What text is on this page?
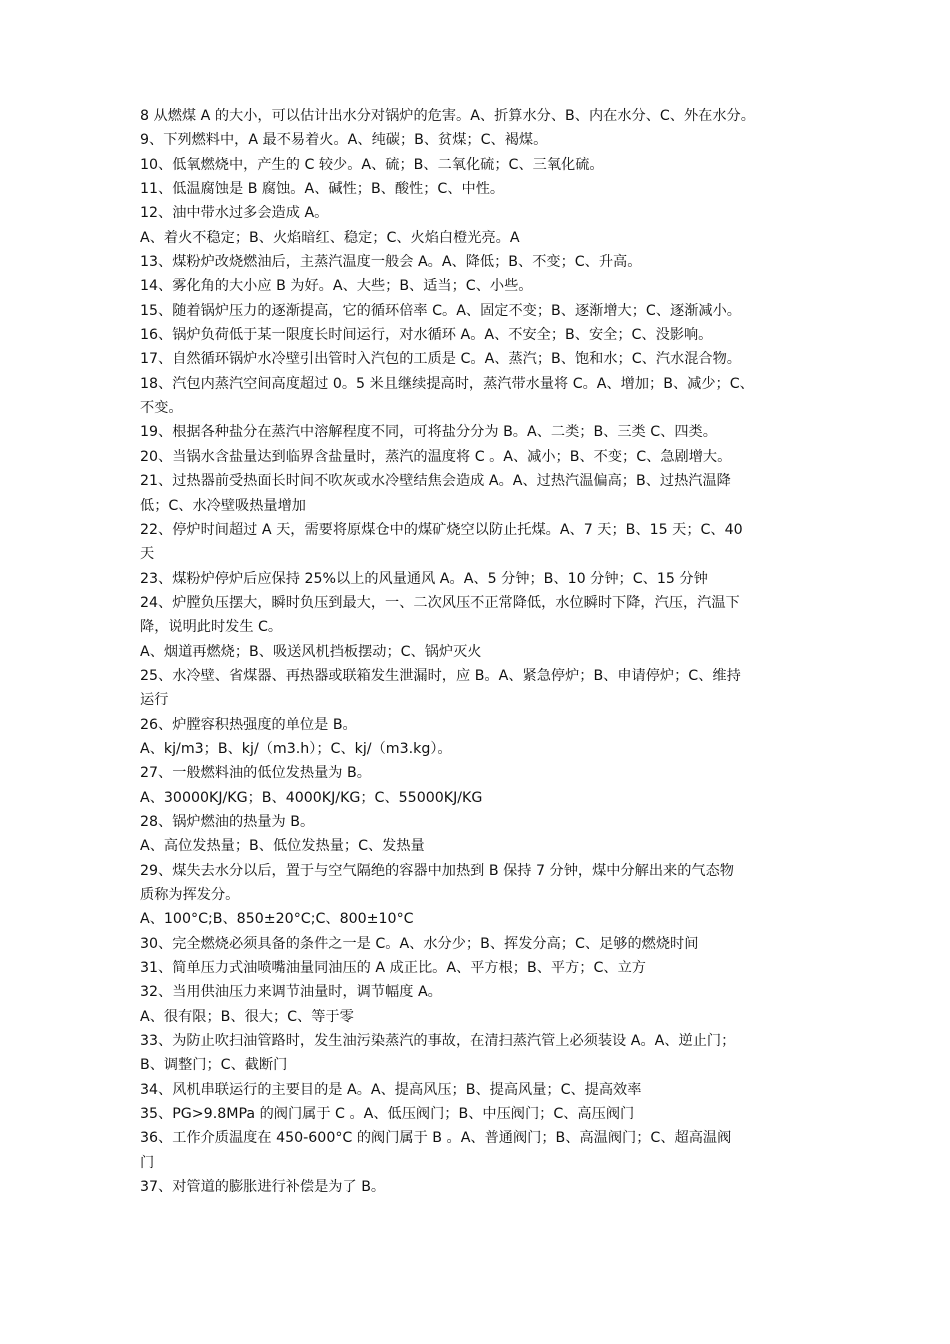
8 从燃煤 A 的大小，可以估计出水分对锅炉的危害。A、折算水分、B、内在水分、C、外在水分。
9、下列燃料中，A 最不易着火。A、纯碳；B、贫煤；C、褐煤。
10、低氧燃烧中，产生的 C 较少。A、硫；B、二氧化硫；C、三氧化硫。
11、低温腐蚀是 B 腐蚀。A、碱性；B、酸性；C、中性。
12、油中带水过多会造成 A。
A、着火不稳定；B、火焰暗红、稳定；C、火焰白橙光亮。A
13、煤粉炉改烧燃油后，主蒸汽温度一般会 A。A、降低；B、不变；C、升高。
14、雾化角的大小应 B 为好。A、大些；B、适当；C、小些。
15、随着锅炉压力的逐渐提高，它的循环倍率 C。A、固定不变；B、逐渐增大；C、逐渐减小。
16、锅炉负荷低于某一限度长时间运行，对水循环 A。A、不安全；B、安全；C、没影响。
17、自然循环锅炉水冷壁引出管时入汽包的工质是 C。A、蒸汽；B、饱和水；C、汽水混合物。
18、汽包内蒸汽空间高度超过 0。5 米且继续提高时，蒸汽带水量将 C。A、增加；B、减少；C、
不变。
19、根据各种盐分在蒸汽中溶解程度不同，可将盐分分为 B。A、二类；B、三类 C、四类。
20、当锅水含盐量达到临界含盐量时，蒸汽的温度将 C 。A、减小；B、不变；C、急剧增大。
21、过热器前受热面长时间不吹灰或水冷壁结焦会造成 A。A、过热汽温偏高；B、过热汽温降
低；C、水冷壁吸热量增加
22、停炉时间超过 A 天，需要将原煤仓中的煤矿烧空以防止托煤。A、7 天；B、15 天；C、40
天
23、煤粉炉停炉后应保持 25%以上的风量通风 A。A、5 分钟；B、10 分钟；C、15 分钟
24、炉膛负压摆大，瞬时负压到最大，一、二次风压不正常降低，水位瞬时下降，汽压，汽温下
降，说明此时发生 C。
A、烟道再燃烧；B、吸送风机挡板摆动；C、锅炉灭火
25、水冷壁、省煤器、再热器或联箱发生泄漏时，应 B。A、紧急停炉；B、申请停炉；C、维持
运行
26、炉膛容积热强度的单位是 B。
A、kj/m3；B、kj/（m3.h）；C、kj/（m3.kg）。
27、一般燃料油的低位发热量为 B。
A、30000KJ/KG；B、4000KJ/KG；C、55000KJ/KG
28、锅炉燃油的热量为 B。
A、高位发热量；B、低位发热量；C、发热量
29、煤失去水分以后，置于与空气隔绝的容器中加热到 B 保持 7 分钟，煤中分解出来的气态物
质称为挥发分。
A、100°C;B、850±20°C;C、800±10°C
30、完全燃烧必须具备的条件之一是 C。A、水分少；B、挥发分高；C、足够的燃烧时间
31、简单压力式油喷嘴油量同油压的 A 成正比。A、平方根；B、平方；C、立方
32、当用供油压力来调节油量时，调节幅度 A。
A、很有限；B、很大；C、等于零
33、为防止吹扫油管路时，发生油污染蒸汽的事故，在清扫蒸汽管上必须装设 A。A、逆止门；
B、调整门；C、截断门
34、风机串联运行的主要目的是 A。A、提高风压；B、提高风量；C、提高效率
35、PG>9.8MPa 的阀门属于 C 。A、低压阀门；B、中压阀门；C、高压阀门
36、工作介质温度在 450-600°C 的阀门属于 B 。A、普通阀门；B、高温阀门；C、超高温阀
门
37、对管道的膨胀进行补偿是为了 B。
